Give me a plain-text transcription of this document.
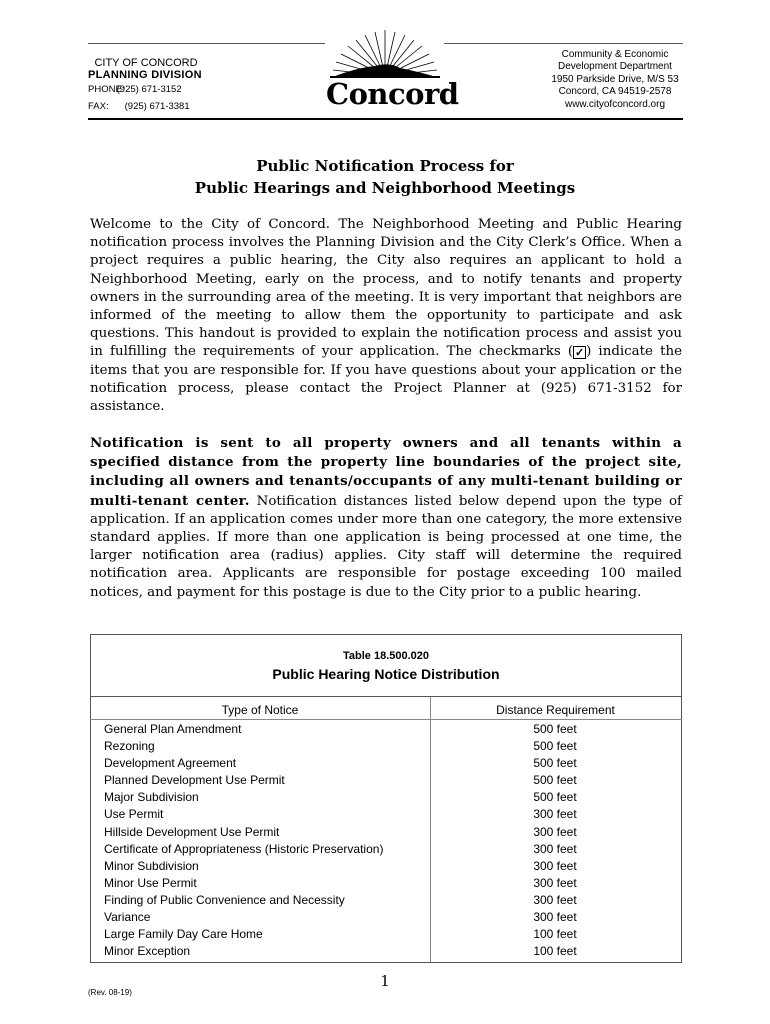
CITY OF CONCORD
PLANNING DIVISION
PHONE: (925) 671-3152
FAX: (925) 671-3381	Concord
Community & Economic
Development Department
1950 Parkside Drive, M/S 53
Concord, CA 94519-2578
www.cityofconcord.org
Public Notification Process for
Public Hearings and Neighborhood Meetings
Welcome to the City of Concord. The Neighborhood Meeting and Public Hearing notification process involves the Planning Division and the City Clerk’s Office. When a project requires a public hearing, the City also requires an applicant to hold a Neighborhood Meeting, early on the process, and to notify tenants and property owners in the surrounding area of the meeting. It is very important that neighbors are informed of the meeting to allow them the opportunity to participate and ask questions. This handout is provided to explain the notification process and assist you in fulfilling the requirements of your application. The checkmarks ( ✓ ) indicate the items that you are responsible for. If you have questions about your application or the notification process, please contact the Project Planner at (925) 671-3152 for assistance.
Notification is sent to all property owners and all tenants within a specified distance from the property line boundaries of the project site, including all owners and tenants/occupants of any multi-tenant building or multi-tenant center. Notification distances listed below depend upon the type of application. If an application comes under more than one category, the more extensive standard applies. If more than one application is being processed at one time, the larger notification area (radius) applies. City staff will determine the required notification area. Applicants are responsible for postage exceeding 100 mailed notices, and payment for this postage is due to the City prior to a public hearing.
Table 18.500.020
Public Hearing Notice Distribution
Type of Notice	Distance Requirement
General Plan Amendment	500 feet
Rezoning	500 feet
Development Agreement	500 feet
Planned Development Use Permit	500 feet
Major Subdivision	500 feet
Use Permit	300 feet
Hillside Development Use Permit	300 feet
Certificate of Appropriateness (Historic Preservation)	300 feet
Minor Subdivision	300 feet
Minor Use Permit	300 feet
Finding of Public Convenience and Necessity	300 feet
Variance	300 feet
Large Family Day Care Home	100 feet
Minor Exception	100 feet
1
(Rev. 08-19)
